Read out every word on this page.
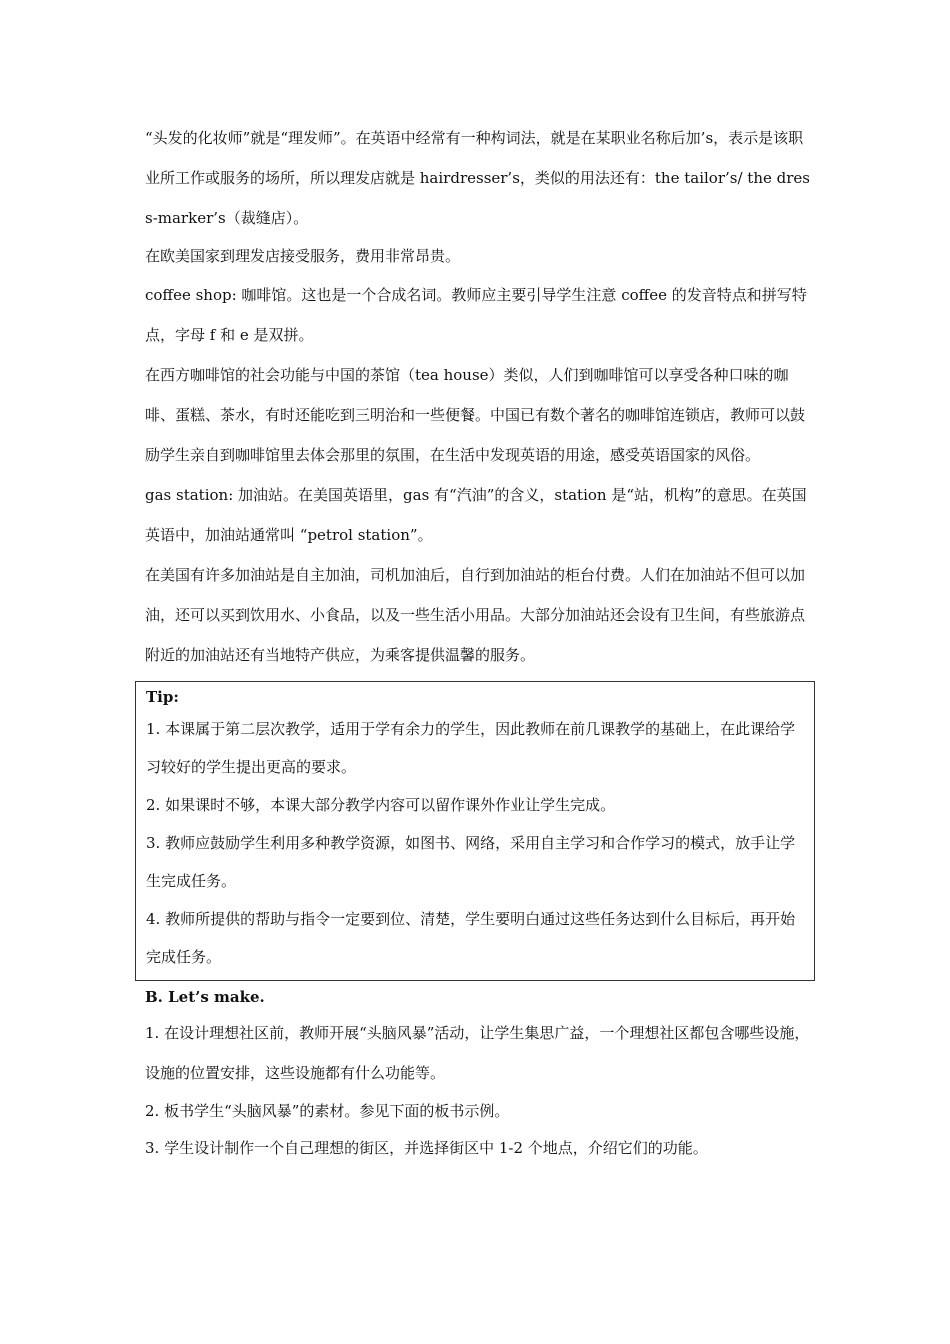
“头发的化妆师”就是“理发师”。在英语中经常有一种构词法，就是在某职业名称后加’s，表示是该职业所工作或服务的场所，所以理发店就是 hairdresser’s，类似的用法还有：the tailor’s/ the dress-marker’s（裁缝店）。

在欧美国家到理发店接受服务，费用非常昂贵。

coffee shop: 咖啡馆。这也是一个合成名词。教师应主要引导学生注意 coffee 的发音特点和拼写特点，字母 f 和 e 是双拼。

在西方咖啡馆的社会功能与中国的茶馆（tea house）类似，人们到咖啡馆可以享受各种口味的咖啡、蛋糕、茶水，有时还能吃到三明治和一些便餐。中国已有数个著名的咖啡馆连锁店，教师可以鼓励学生亲自到咖啡馆里去体会那里的氛围，在生活中发现英语的用途，感受英语国家的风俗。

gas station: 加油站。在美国英语里，gas 有“汽油”的含义，station 是“站，机构”的意思。在英国英语中，加油站通常叫 “petrol station”。

在美国有许多加油站是自主加油，司机加油后，自行到加油站的柜台付费。人们在加油站不但可以加油，还可以买到饮用水、小食品，以及一些生活小用品。大部分加油站还会设有卫生间，有些旅游点附近的加油站还有当地特产供应，为乘客提供温馨的服务。

Tip:

1. 本课属于第二层次教学，适用于学有余力的学生，因此教师在前几课教学的基础上，在此课给学习较好的学生提出更高的要求。

2. 如果课时不够，本课大部分教学内容可以留作课外作业让学生完成。

3. 教师应鼓励学生利用多种教学资源，如图书、网络，采用自主学习和合作学习的模式，放手让学生完成任务。

4. 教师所提供的帮助与指令一定要到位、清楚，学生要明白通过这些任务达到什么目标后，再开始完成任务。

B. Let’s make.

1. 在设计理想社区前，教师开展“头脑风暴”活动，让学生集思广益，一个理想社区都包含哪些设施，设施的位置安排，这些设施都有什么功能等。

2. 板书学生“头脑风暴”的素材。参见下面的板书示例。

3. 学生设计制作一个自己理想的街区，并选择街区中 1-2 个地点，介绍它们的功能。
